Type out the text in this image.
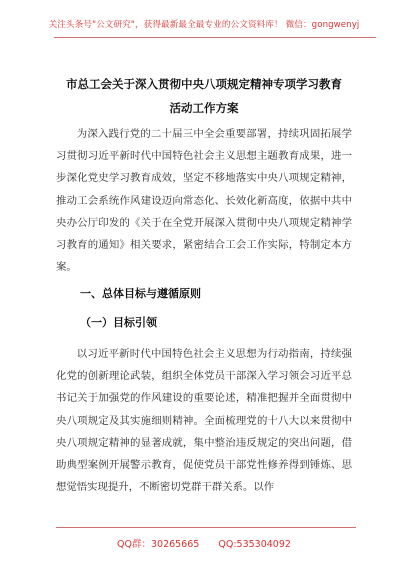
关注头条号"公文研究"，获得最新最全最专业的公文资料库！ 微信：gongwenyj
市总工会关于深入贯彻中央八项规定精神专项学习教育活动工作方案
为深入践行党的二十届三中全会重要部署，持续巩固拓展学习贯彻习近平新时代中国特色社会主义思想主题教育成果，进一步深化党史学习教育成效，坚定不移地落实中央八项规定精神，推动工会系统作风建设迈向常态化、长效化新高度，依据中共中央办公厅印发的《关于在全党开展深入贯彻中央八项规定精神学习教育的通知》相关要求，紧密结合工会工作实际，特制定本方案。
一、总体目标与遵循原则
（一）目标引领
以习近平新时代中国特色社会主义思想为行动指南，持续强化党的创新理论武装，组织全体党员干部深入学习领会习近平总书记关于加强党的作风建设的重要论述，精准把握并全面贯彻中央八项规定及其实施细则精神。全面梳理党的十八大以来贯彻中央八项规定精神的显著成就，集中整治违反规定的突出问题，借助典型案例开展警示教育，促使党员干部党性修养得到锤炼、思想觉悟实现提升，不断密切党群干群关系。以作
QQ群：30265665 QQ:535304092
